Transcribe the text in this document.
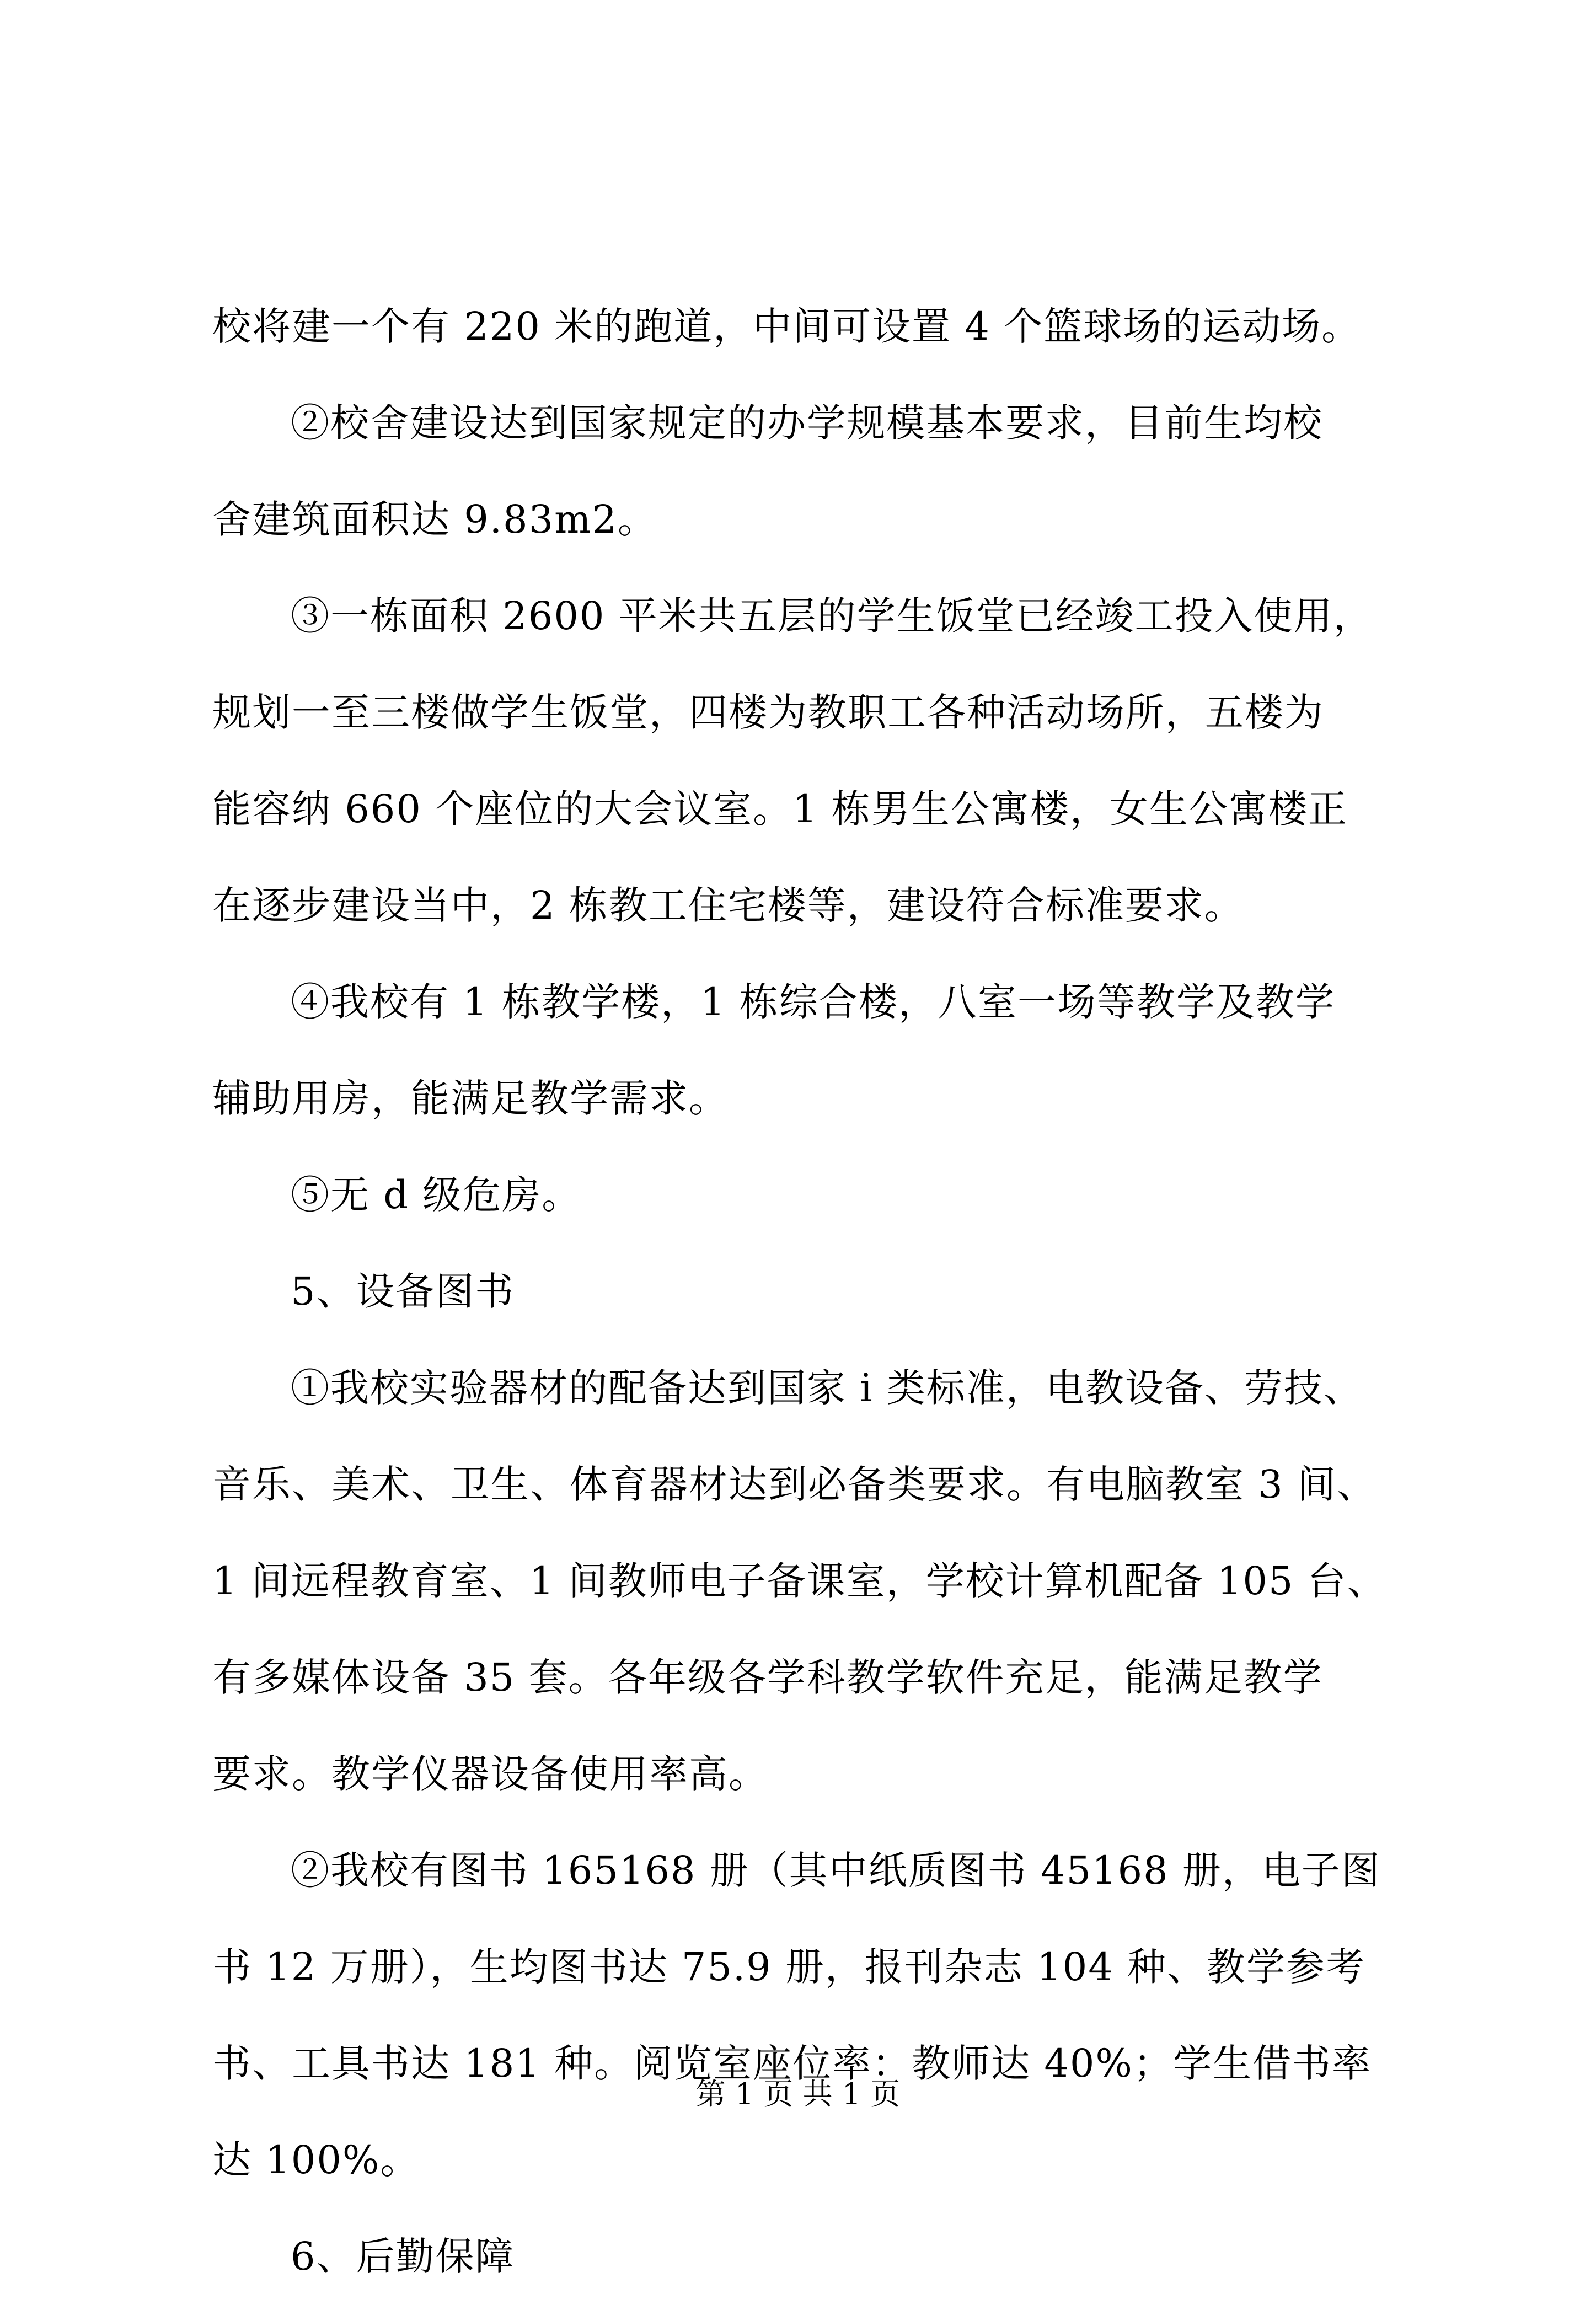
校将建一个有 220 米的跑道，中间可设置 4 个篮球场的运动场。
②校舍建设达到国家规定的办学规模基本要求，目前生均校
舍建筑面积达 9.83m2。
③一栋面积 2600 平米共五层的学生饭堂已经竣工投入使用，
规划一至三楼做学生饭堂，四楼为教职工各种活动场所，五楼为
能容纳 660 个座位的大会议室。1 栋男生公寓楼，女生公寓楼正
在逐步建设当中，2 栋教工住宅楼等，建设符合标准要求。
④我校有 1 栋教学楼，1 栋综合楼，八室一场等教学及教学
辅助用房，能满足教学需求。
⑤无 d 级危房。
5、设备图书
①我校实验器材的配备达到国家 i 类标准，电教设备、劳技、
音乐、美术、卫生、体育器材达到必备类要求。有电脑教室 3 间、
1 间远程教育室、1 间教师电子备课室，学校计算机配备 105 台、
有多媒体设备 35 套。各年级各学科教学软件充足，能满足教学
要求。教学仪器设备使用率高。
②我校有图书 165168 册（其中纸质图书 45168 册，电子图
书 12 万册），生均图书达 75.9 册，报刊杂志 104 种、教学参考
书、工具书达 181 种。阅览室座位率：教师达 40%；学生借书率
达 100%。
6、后勤保障
第 1 页 共 1 页
